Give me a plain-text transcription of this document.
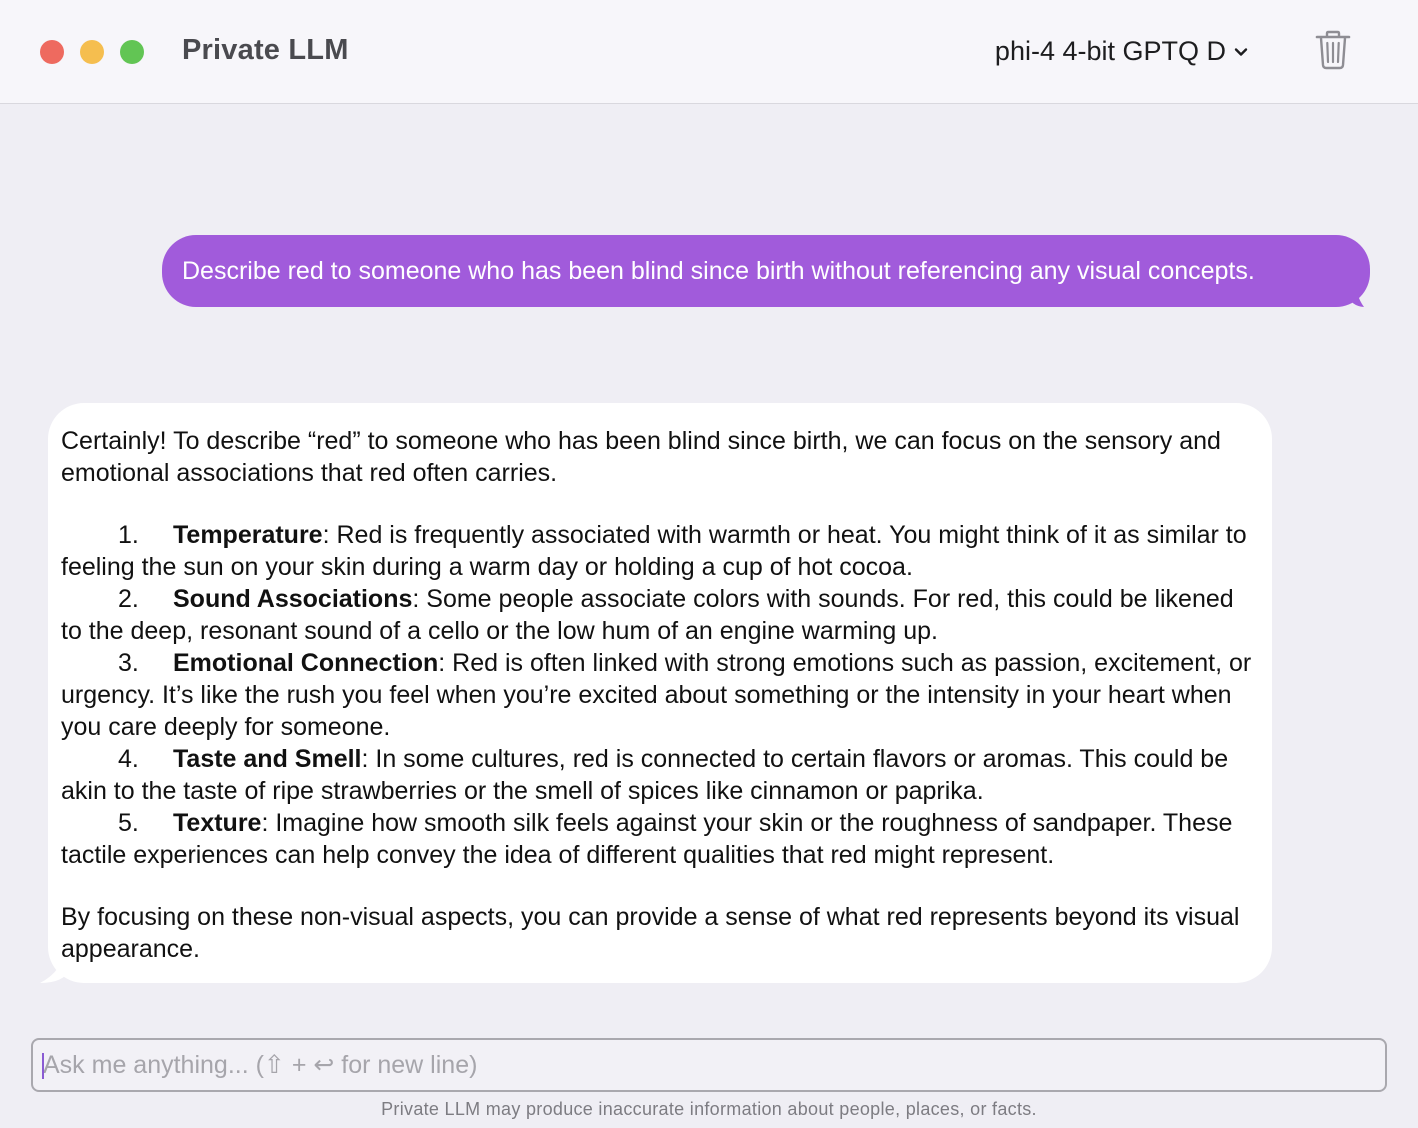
Private LLM	phi-4 4-bit GPTQ D
Describe red to someone who has been blind since birth without referencing any visual concepts.

Certainly! To describe “red” to someone who has been blind since birth, we can focus on the sensory and emotional associations that red often carries.

1. Temperature: Red is frequently associated with warmth or heat. You might think of it as similar to feeling the sun on your skin during a warm day or holding a cup of hot cocoa.
2. Sound Associations: Some people associate colors with sounds. For red, this could be likened to the deep, resonant sound of a cello or the low hum of an engine warming up.
3. Emotional Connection: Red is often linked with strong emotions such as passion, excitement, or urgency. It’s like the rush you feel when you’re excited about something or the intensity in your heart when you care deeply for someone.
4. Taste and Smell: In some cultures, red is connected to certain flavors or aromas. This could be akin to the taste of ripe strawberries or the smell of spices like cinnamon or paprika.
5. Texture: Imagine how smooth silk feels against your skin or the roughness of sandpaper. These tactile experiences can help convey the idea of different qualities that red might represent.

By focusing on these non-visual aspects, you can provide a sense of what red represents beyond its visual appearance.

Ask me anything... (⇧ + ↩ for new line)
Private LLM may produce inaccurate information about people, places, or facts.
